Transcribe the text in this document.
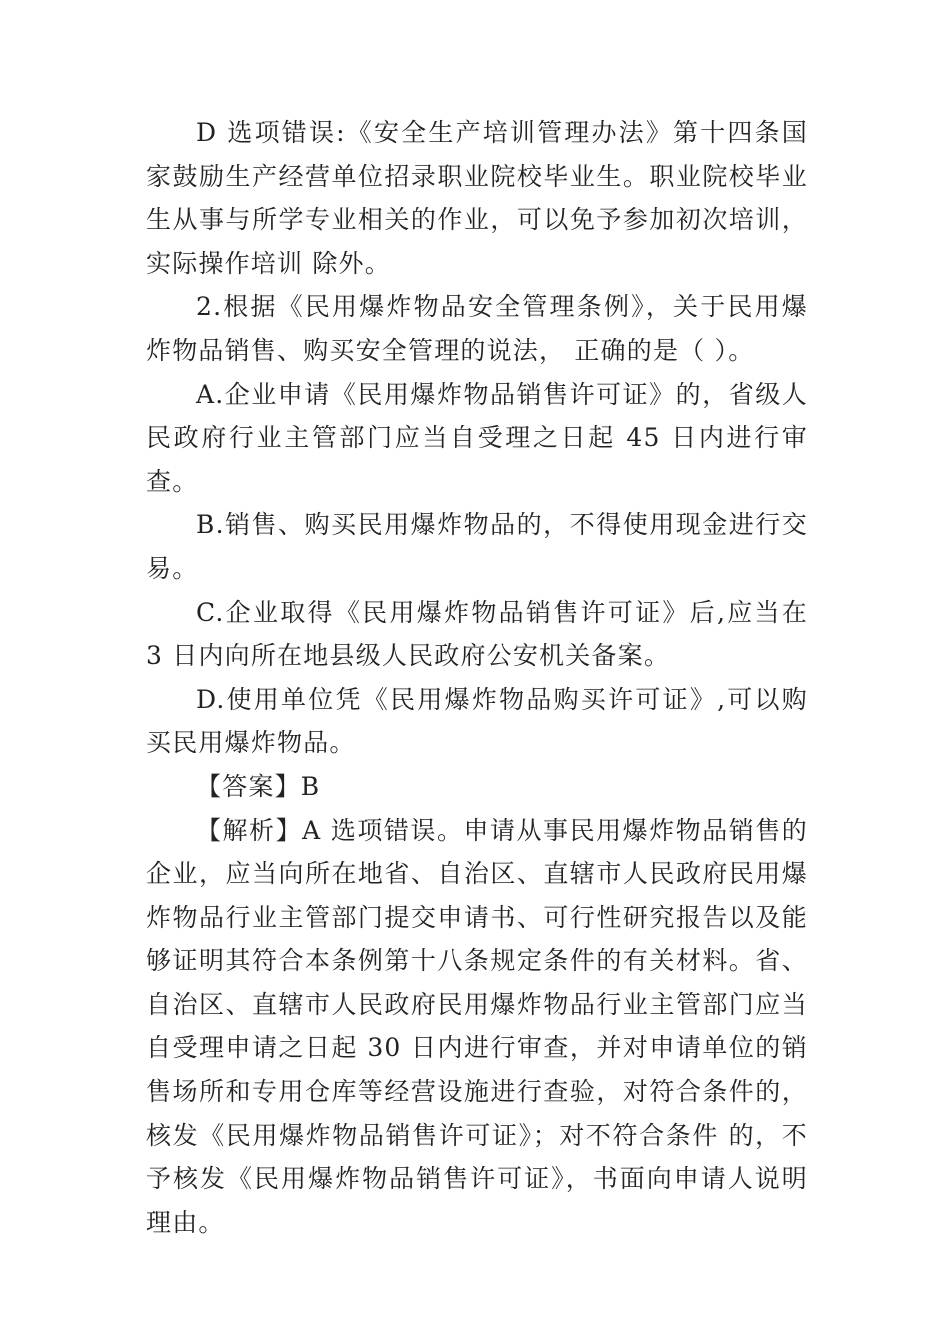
D 选项错误:《安全生产培训管理办法》第十四条国家鼓励生产经营单位招录职业院校毕业生。职业院校毕业生从事与所学专业相关的作业，可以免予参加初次培训，实际操作培训 除外。

2.根据《民用爆炸物品安全管理条例》，关于民用爆炸物品销售、购买安全管理的说法， 正确的是（ ）。

A.企业申请《民用爆炸物品销售许可证》的，省级人民政府行业主管部门应当自受理之日起 45 日内进行审查。

B.销售、购买民用爆炸物品的，不得使用现金进行交易。

C.企业取得《民用爆炸物品销售许可证》后,应当在 3 日内向所在地县级人民政府公安机关备案。

D.使用单位凭《民用爆炸物品购买许可证》,可以购买民用爆炸物品。

【答案】B

【解析】A 选项错误。申请从事民用爆炸物品销售的企业，应当向所在地省、自治区、直辖市人民政府民用爆炸物品行业主管部门提交申请书、可行性研究报告以及能够证明其符合本条例第十八条规定条件的有关材料。省、自治区、直辖市人民政府民用爆炸物品行业主管部门应当自受理申请之日起 30 日内进行审查，并对申请单位的销售场所和专用仓库等经营设施进行查验，对符合条件的，核发《民用爆炸物品销售许可证》；对不符合条件 的，不予核发《民用爆炸物品销售许可证》，书面向申请人说明理由。
